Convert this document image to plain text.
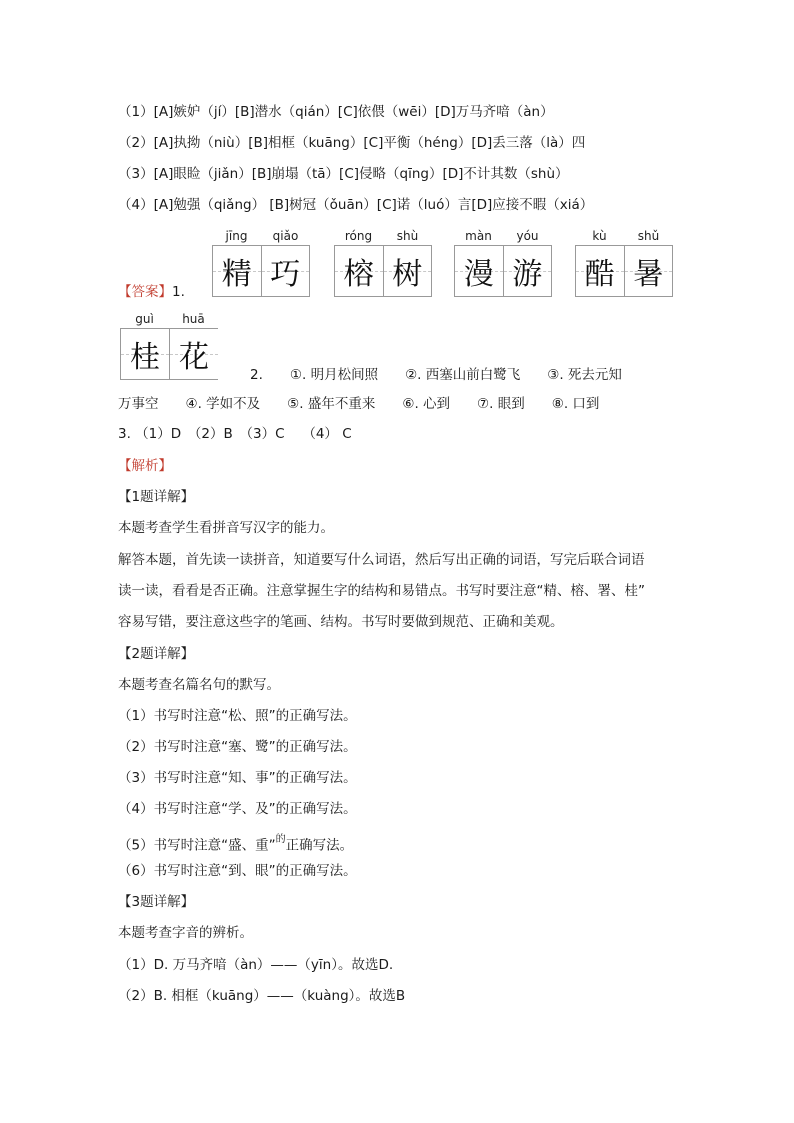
（1）[A]嫉妒（jí）[B]潜水（qián）[C]依偎（wēi）[D]万马齐喑（àn）
（2）[A]执拗（niù）[B]相框（kuāng）[C]平衡（héng）[D]丢三落（là）四
（3）[A]眼睑（jiǎn）[B]崩塌（tā）[C]侵略（qīng）[D]不计其数（shù）
（4）[A]勉强（qiǎng） [B]树冠（ǒuān）[C]诺（luó）言[D]应接不暇（xiá）
【答案】1.
jīng	qiǎo
精 巧
róng	shù
榕 树
màn	yóu
漫 游
kù	shǔ
酷 暑
guì	huā
桂 花	2.　　①. 明月松间照　　②. 西塞山前白鹭飞　　③. 死去元知
万事空　　④. 学如不及　　⑤. 盛年不重来　　⑥. 心到　　⑦. 眼到　　⑧. 口到
3. （1）D　（2）B　（3）C　 （4） C
【解析】
【1题详解】
本题考查学生看拼音写汉字的能力。
解答本题，首先读一读拼音，知道要写什么词语，然后写出正确的词语，写完后联合词语
读一读，看看是否正确。注意掌握生字的结构和易错点。书写时要注意“精、榕、署、桂”
容易写错，要注意这些字的笔画、结构。书写时要做到规范、正确和美观。
【2题详解】
本题考查名篇名句的默写。
（1）书写时注意“松、照”的正确写法。
（2）书写时注意“塞、鹭”的正确写法。
（3）书写时注意“知、事”的正确写法。
（4）书写时注意“学、及”的正确写法。
（5）书写时注意“盛、重”$^的$正确写法。
（6）书写时注意“到、眼”的正确写法。
【3题详解】
本题考查字音的辨析。
（1）D. 万马齐喑（àn）——（yīn）。故选D.
（2）B. 相框（kuāng）——（kuàng）。故选B
